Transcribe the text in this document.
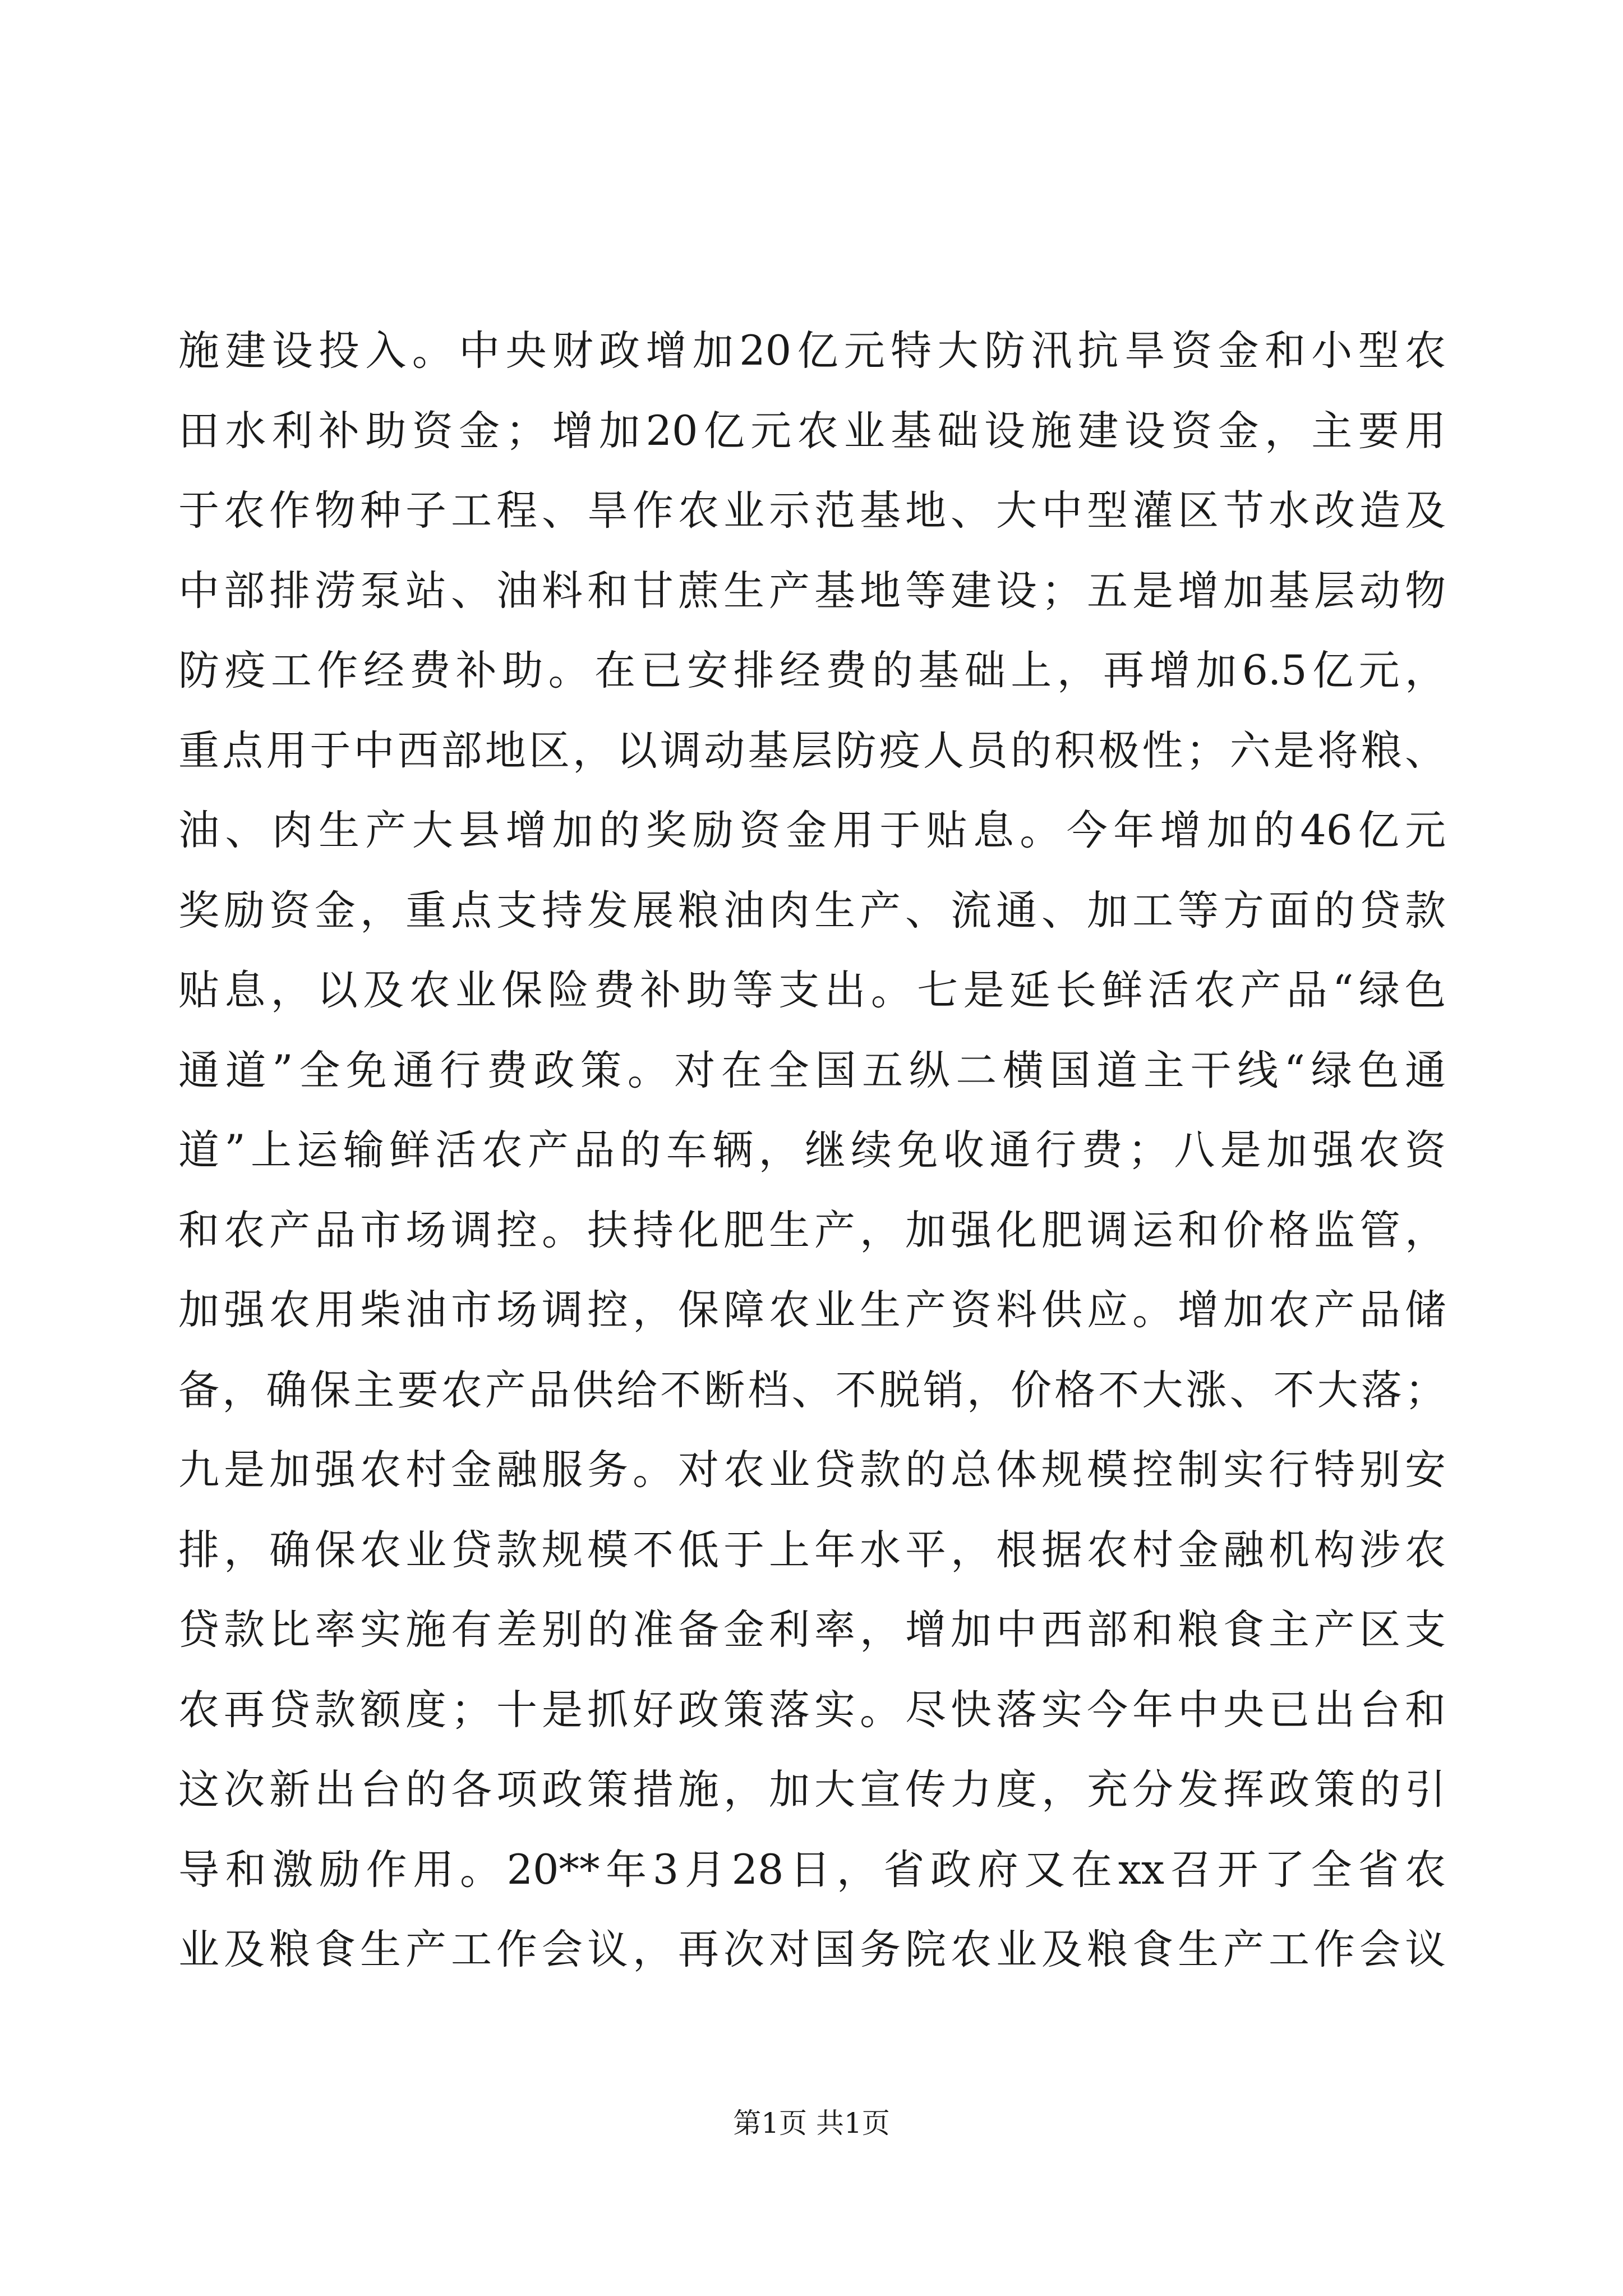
施建设投入。中央财政增加20亿元特大防汛抗旱资金和小型农
田水利补助资金；增加20亿元农业基础设施建设资金，主要用
于农作物种子工程、旱作农业示范基地、大中型灌区节水改造及
中部排涝泵站、油料和甘蔗生产基地等建设；五是增加基层动物
防疫工作经费补助。在已安排经费的基础上，再增加6.5亿元，
重点用于中西部地区，以调动基层防疫人员的积极性；六是将粮、
油、肉生产大县增加的奖励资金用于贴息。今年增加的46亿元
奖励资金，重点支持发展粮油肉生产、流通、加工等方面的贷款
贴息，以及农业保险费补助等支出。七是延长鲜活农产品“绿色
通道”全免通行费政策。对在全国五纵二横国道主干线“绿色通
道”上运输鲜活农产品的车辆，继续免收通行费；八是加强农资
和农产品市场调控。扶持化肥生产，加强化肥调运和价格监管，
加强农用柴油市场调控，保障农业生产资料供应。增加农产品储
备，确保主要农产品供给不断档、不脱销，价格不大涨、不大落；
九是加强农村金融服务。对农业贷款的总体规模控制实行特别安
排，确保农业贷款规模不低于上年水平，根据农村金融机构涉农
贷款比率实施有差别的准备金利率，增加中西部和粮食主产区支
农再贷款额度；十是抓好政策落实。尽快落实今年中央已出台和
这次新出台的各项政策措施，加大宣传力度，充分发挥政策的引
导和激励作用。20**年3月28日，省政府又在xx召开了全省农
业及粮食生产工作会议，再次对国务院农业及粮食生产工作会议
第1页 共1页
